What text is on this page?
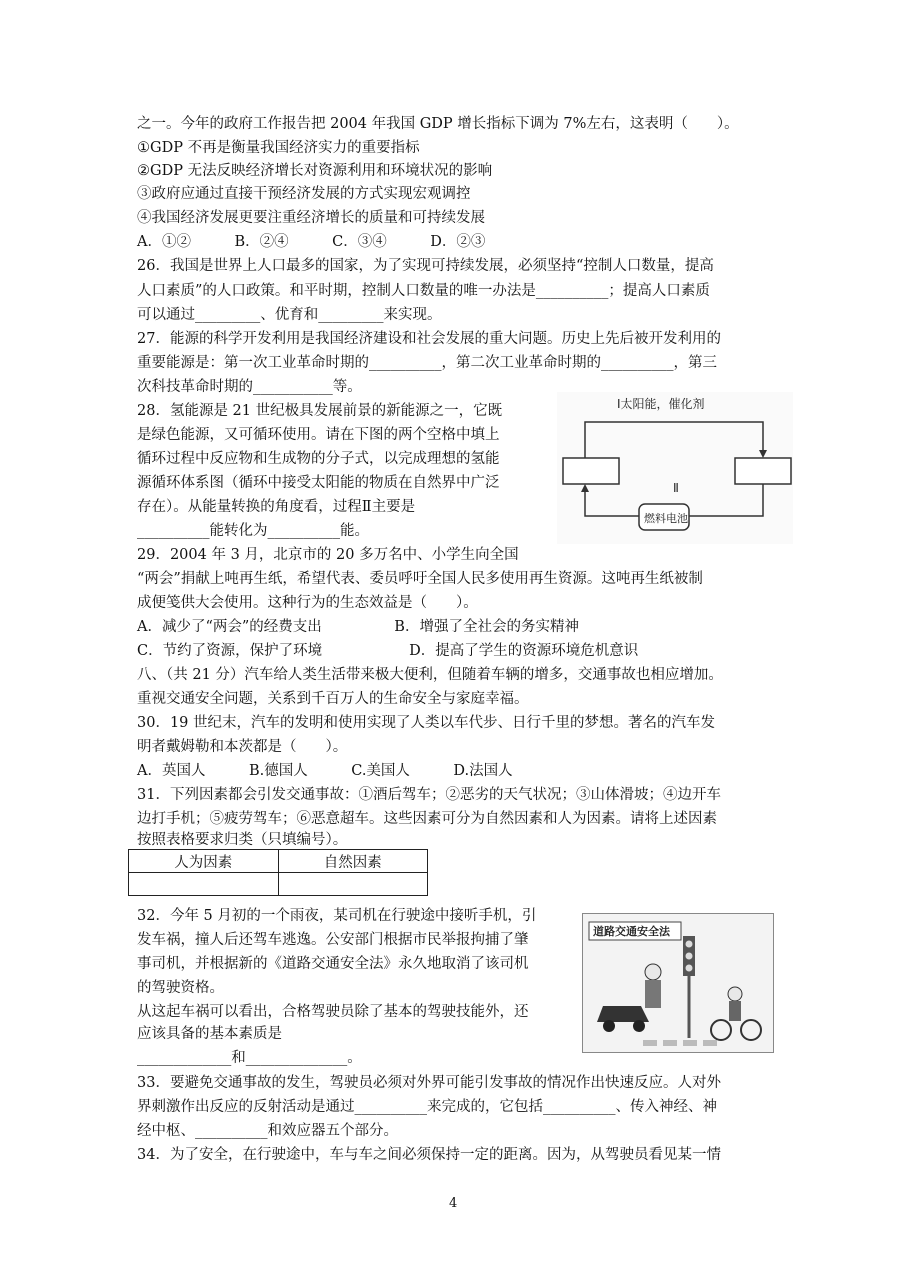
之一。今年的政府工作报告把 2004 年我国 GDP 增长指标下调为 7%左右，这表明（　　）。
①GDP 不再是衡量我国经济实力的重要指标
②GDP 无法反映经济增长对资源利用和环境状况的影响
③政府应通过直接干预经济发展的方式实现宏观调控
④我国经济发展更要注重经济增长的质量和可持续发展
A．①②　　　B．②④　　　C．③④　　　D．②③
26．我国是世界上人口最多的国家，为了实现可持续发展，必须坚持“控制人口数量，提高
人口素质”的人口政策。和平时期，控制人口数量的唯一办法是__________；提高人口素质
可以通过_________、优育和_________来实现。
27．能源的科学开发利用是我国经济建设和社会发展的重大问题。历史上先后被开发利用的
重要能源是：第一次工业革命时期的__________，第二次工业革命时期的__________，第三
次科技革命时期的___________等。
28．氢能源是 21 世纪极具发展前景的新能源之一，它既
是绿色能源，又可循环使用。请在下图的两个空格中填上
循环过程中反应物和生成物的分子式，以完成理想的氢能
源循环体系图（循环中接受太阳能的物质在自然界中广泛
存在）。从能量转换的角度看，过程Ⅱ主要是
__________能转化为__________能。
Ⅰ太阳能，催化剂
Ⅱ
燃料电池
29．2004 年 3 月，北京市的 20 多万名中、小学生向全国
“两会”捐献上吨再生纸，希望代表、委员呼吁全国人民多使用再生资源。这吨再生纸被制
成便笺供大会使用。这种行为的生态效益是（　　）。
A．减少了“两会”的经费支出　　　　　B．增强了全社会的务实精神
C．节约了资源，保护了环境　　　　　　D．提高了学生的资源环境危机意识
八、（共 21 分）汽车给人类生活带来极大便利，但随着车辆的增多，交通事故也相应增加。
重视交通安全问题，关系到千百万人的生命安全与家庭幸福。
30．19 世纪末，汽车的发明和使用实现了人类以车代步、日行千里的梦想。著名的汽车发
明者戴姆勒和本茨都是（　　）。
A．英国人　　　B.德国人　　　C.美国人　　　D.法国人
31．下列因素都会引发交通事故：①酒后驾车；②恶劣的天气状况；③山体滑坡；④边开车
边打手机；⑤疲劳驾车；⑥恶意超车。这些因素可分为自然因素和人为因素。请将上述因素
按照表格要求归类（只填编号）。
人为因素	自然因素

32．今年 5 月初的一个雨夜，某司机在行驶途中接听手机，引
发车祸，撞人后还驾车逃逸。公安部门根据市民举报拘捕了肇
事司机，并根据新的《道路交通安全法》永久地取消了该司机
的驾驶资格。
从这起车祸可以看出，合格驾驶员除了基本的驾驶技能外，还
应该具备的基本素质是
_____________和______________。
道路交通安全法
33．要避免交通事故的发生，驾驶员必须对外界可能引发事故的情况作出快速反应。人对外
界刺激作出反应的反射活动是通过__________来完成的，它包括__________、传入神经、神
经中枢、__________和效应器五个部分。
34．为了安全，在行驶途中，车与车之间必须保持一定的距离。因为，从驾驶员看见某一情
4
